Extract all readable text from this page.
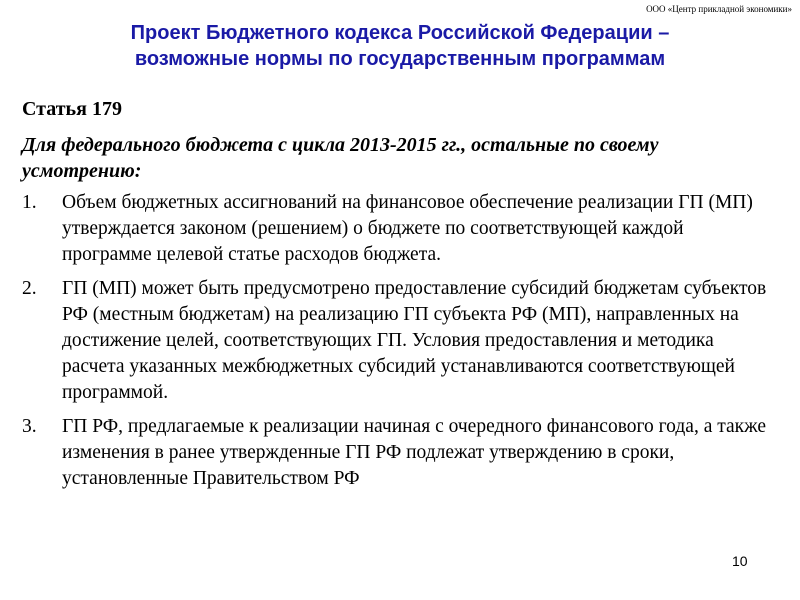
ООО «Центр прикладной экономики»
Проект Бюджетного кодекса Российской Федерации –
возможные нормы по государственным программам
Статья 179
Для федерального бюджета с цикла 2013-2015 гг., остальные по своему усмотрению:
1.	Объем бюджетных ассигнований на финансовое обеспечение реализации ГП (МП) утверждается законом (решением) о бюджете по соответствующей каждой программе целевой статье расходов бюджета.
2.	ГП (МП) может быть предусмотрено предоставление субсидий бюджетам субъектов РФ (местным бюджетам) на реализацию ГП субъекта РФ (МП), направленных на достижение целей, соответствующих ГП. Условия предоставления и методика расчета указанных межбюджетных субсидий устанавливаются соответствующей программой.
3.	ГП РФ, предлагаемые к реализации начиная с очередного финансового года, а также изменения в ранее утвержденные ГП РФ подлежат утверждению в сроки, установленные Правительством РФ
10
